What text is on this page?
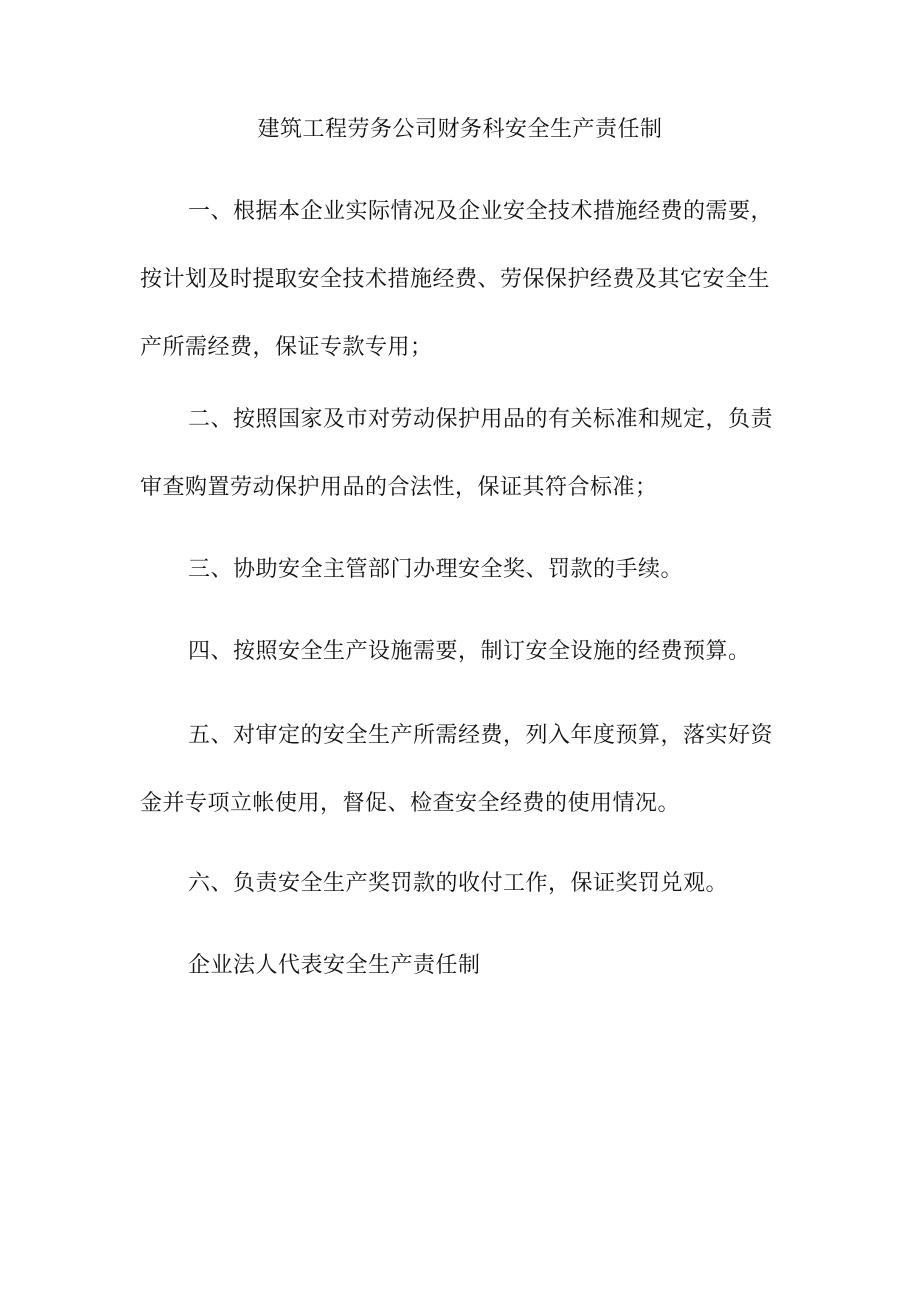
建筑工程劳务公司财务科安全生产责任制

一、根据本企业实际情况及企业安全技术措施经费的需要，按计划及时提取安全技术措施经费、劳保保护经费及其它安全生产所需经费，保证专款专用；

二、按照国家及市对劳动保护用品的有关标准和规定，负责审查购置劳动保护用品的合法性，保证其符合标准；

三、协助安全主管部门办理安全奖、罚款的手续。

四、按照安全生产设施需要，制订安全设施的经费预算。

五、对审定的安全生产所需经费，列入年度预算，落实好资金并专项立帐使用，督促、检查安全经费的使用情况。

六、负责安全生产奖罚款的收付工作，保证奖罚兑观。

企业法人代表安全生产责任制
